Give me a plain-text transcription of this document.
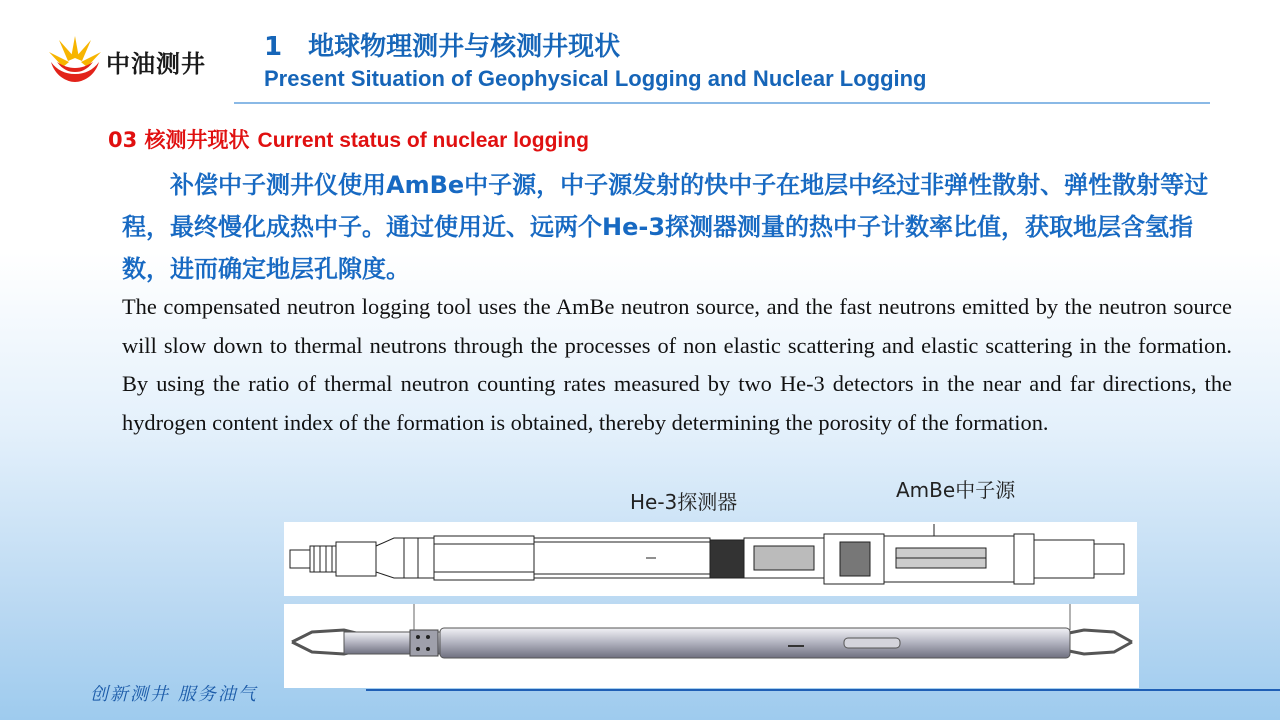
中油测井
1 地球物理测井与核测井现状
Present Situation of Geophysical Logging and Nuclear Logging
03 核测井现状 Current status of nuclear logging
补偿中子测井仪使用AmBe中子源，中子源发射的快中子在地层中经过非弹性散射、弹性散射等过程，最终慢化成热中子。通过使用近、远两个He-3探测器测量的热中子计数率比值，获取地层含氢指数，进而确定地层孔隙度。
The compensated neutron logging tool uses the AmBe neutron source, and the fast neutrons emitted by the neutron source will slow down to thermal neutrons through the processes of non elastic scattering and elastic scattering in the formation. By using the ratio of thermal neutron counting rates measured by two He-3 detectors in the near and far directions, the hydrogen content index of the formation is obtained, thereby determining the porosity of the formation.
He-3探测器	AmBe中子源
创新测井 服务油气
